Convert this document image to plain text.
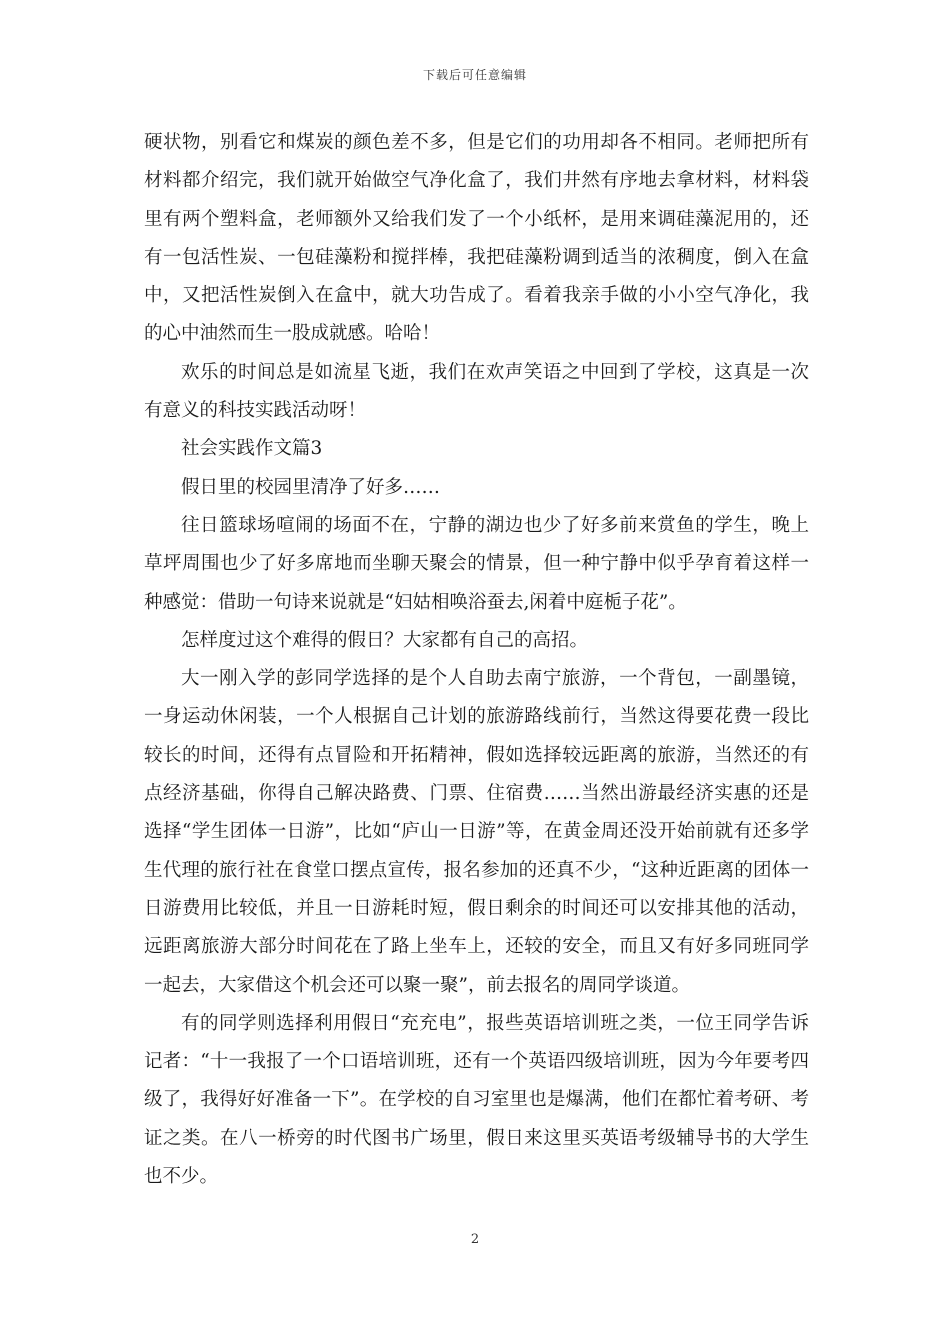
下载后可任意编辑

硬状物，别看它和煤炭的颜色差不多，但是它们的功用却各不相同。老师把所有材料都介绍完，我们就开始做空气净化盒了，我们井然有序地去拿材料，材料袋里有两个塑料盒，老师额外又给我们发了一个小纸杯，是用来调硅藻泥用的，还有一包活性炭、一包硅藻粉和搅拌棒，我把硅藻粉调到适当的浓稠度，倒入在盒中，又把活性炭倒入在盒中，就大功告成了。看着我亲手做的小小空气净化，我的心中油然而生一股成就感。哈哈！

欢乐的时间总是如流星飞逝，我们在欢声笑语之中回到了学校，这真是一次有意义的科技实践活动呀！

社会实践作文篇3

假日里的校园里清净了好多……

往日篮球场喧闹的场面不在，宁静的湖边也少了好多前来赏鱼的学生，晚上草坪周围也少了好多席地而坐聊天聚会的情景，但一种宁静中似乎孕育着这样一种感觉：借助一句诗来说就是“妇姑相唤浴蚕去,闲着中庭栀子花”。

怎样度过这个难得的假日？大家都有自己的高招。

大一刚入学的彭同学选择的是个人自助去南宁旅游，一个背包，一副墨镜，一身运动休闲装，一个人根据自己计划的旅游路线前行，当然这得要花费一段比较长的时间，还得有点冒险和开拓精神，假如选择较远距离的旅游，当然还的有点经济基础，你得自己解决路费、门票、住宿费……当然出游最经济实惠的还是选择“学生团体一日游”，比如“庐山一日游”等，在黄金周还没开始前就有还多学生代理的旅行社在食堂口摆点宣传，报名参加的还真不少，“这种近距离的团体一日游费用比较低，并且一日游耗时短，假日剩余的时间还可以安排其他的活动，远距离旅游大部分时间花在了路上坐车上，还较的安全，而且又有好多同班同学一起去，大家借这个机会还可以聚一聚”，前去报名的周同学谈道。

有的同学则选择利用假日“充充电”，报些英语培训班之类，一位王同学告诉记者：“十一我报了一个口语培训班，还有一个英语四级培训班，因为今年要考四级了，我得好好准备一下”。在学校的自习室里也是爆满，他们在都忙着考研、考证之类。在八一桥旁的时代图书广场里，假日来这里买英语考级辅导书的大学生也不少。

2
